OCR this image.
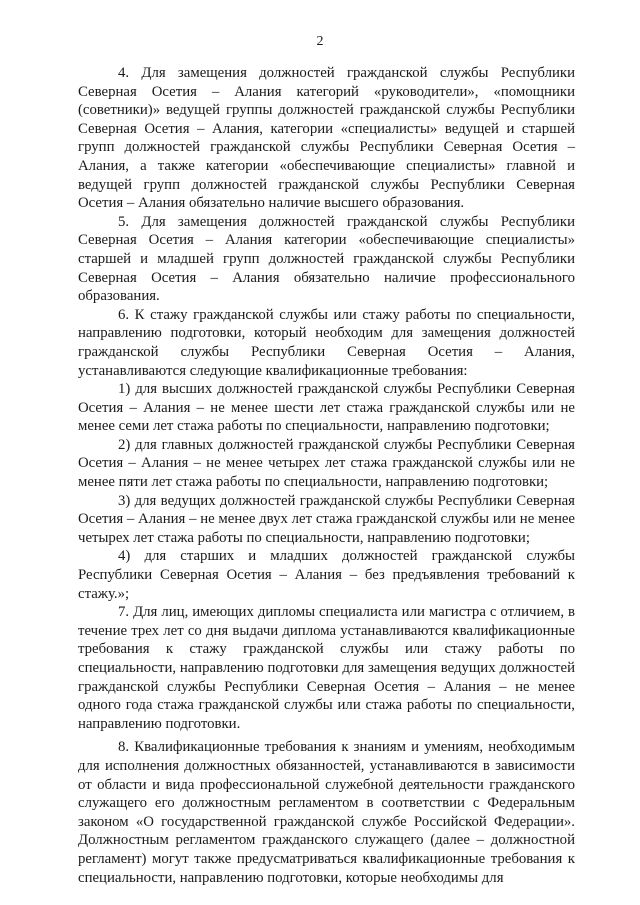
2

4. Для замещения должностей гражданской службы Республики Северная Осетия – Алания категорий «руководители», «помощники (советники)» ведущей группы должностей гражданской службы Республики Северная Осетия – Алания, категории «специалисты» ведущей и старшей групп должностей гражданской службы Республики Северная Осетия – Алания, а также категории «обеспечивающие специалисты» главной и ведущей групп должностей гражданской службы Республики Северная Осетия – Алания обязательно наличие высшего образования.

5. Для замещения должностей гражданской службы Республики Северная Осетия – Алания категории «обеспечивающие специалисты» старшей и младшей групп должностей гражданской службы Республики Северная Осетия – Алания обязательно наличие профессионального образования.

6. К стажу гражданской службы или стажу работы по специальности, направлению подготовки, который необходим для замещения должностей гражданской службы Республики Северная Осетия – Алания, устанавливаются следующие квалификационные требования:

1) для высших должностей гражданской службы Республики Северная Осетия – Алания – не менее шести лет стажа гражданской службы или не менее семи лет стажа работы по специальности, направлению подготовки;

2) для главных должностей гражданской службы Республики Северная Осетия – Алания – не менее четырех лет стажа гражданской службы или не менее пяти лет стажа работы по специальности, направлению подготовки;

3) для ведущих должностей гражданской службы Республики Северная Осетия – Алания – не менее двух лет стажа гражданской службы или не менее четырех лет стажа работы по специальности, направлению подготовки;

4) для старших и младших должностей гражданской службы Республики Северная Осетия – Алания – без предъявления требований к стажу.»;

7. Для лиц, имеющих дипломы специалиста или магистра с отличием, в течение трех лет со дня выдачи диплома устанавливаются квалификационные требования к стажу гражданской службы или стажу работы по специальности, направлению подготовки для замещения ведущих должностей гражданской службы Республики Северная Осетия – Алания – не менее одного года стажа гражданской службы или стажа работы по специальности, направлению подготовки.

8. Квалификационные требования к знаниям и умениям, необходимым для исполнения должностных обязанностей, устанавливаются в зависимости от области и вида профессиональной служебной деятельности гражданского служащего его должностным регламентом в соответствии с Федеральным законом «О государственной гражданской службе Российской Федерации». Должностным регламентом гражданского служащего (далее – должностной регламент) могут также предусматриваться квалификационные требования к специальности, направлению подготовки, которые необходимы для
